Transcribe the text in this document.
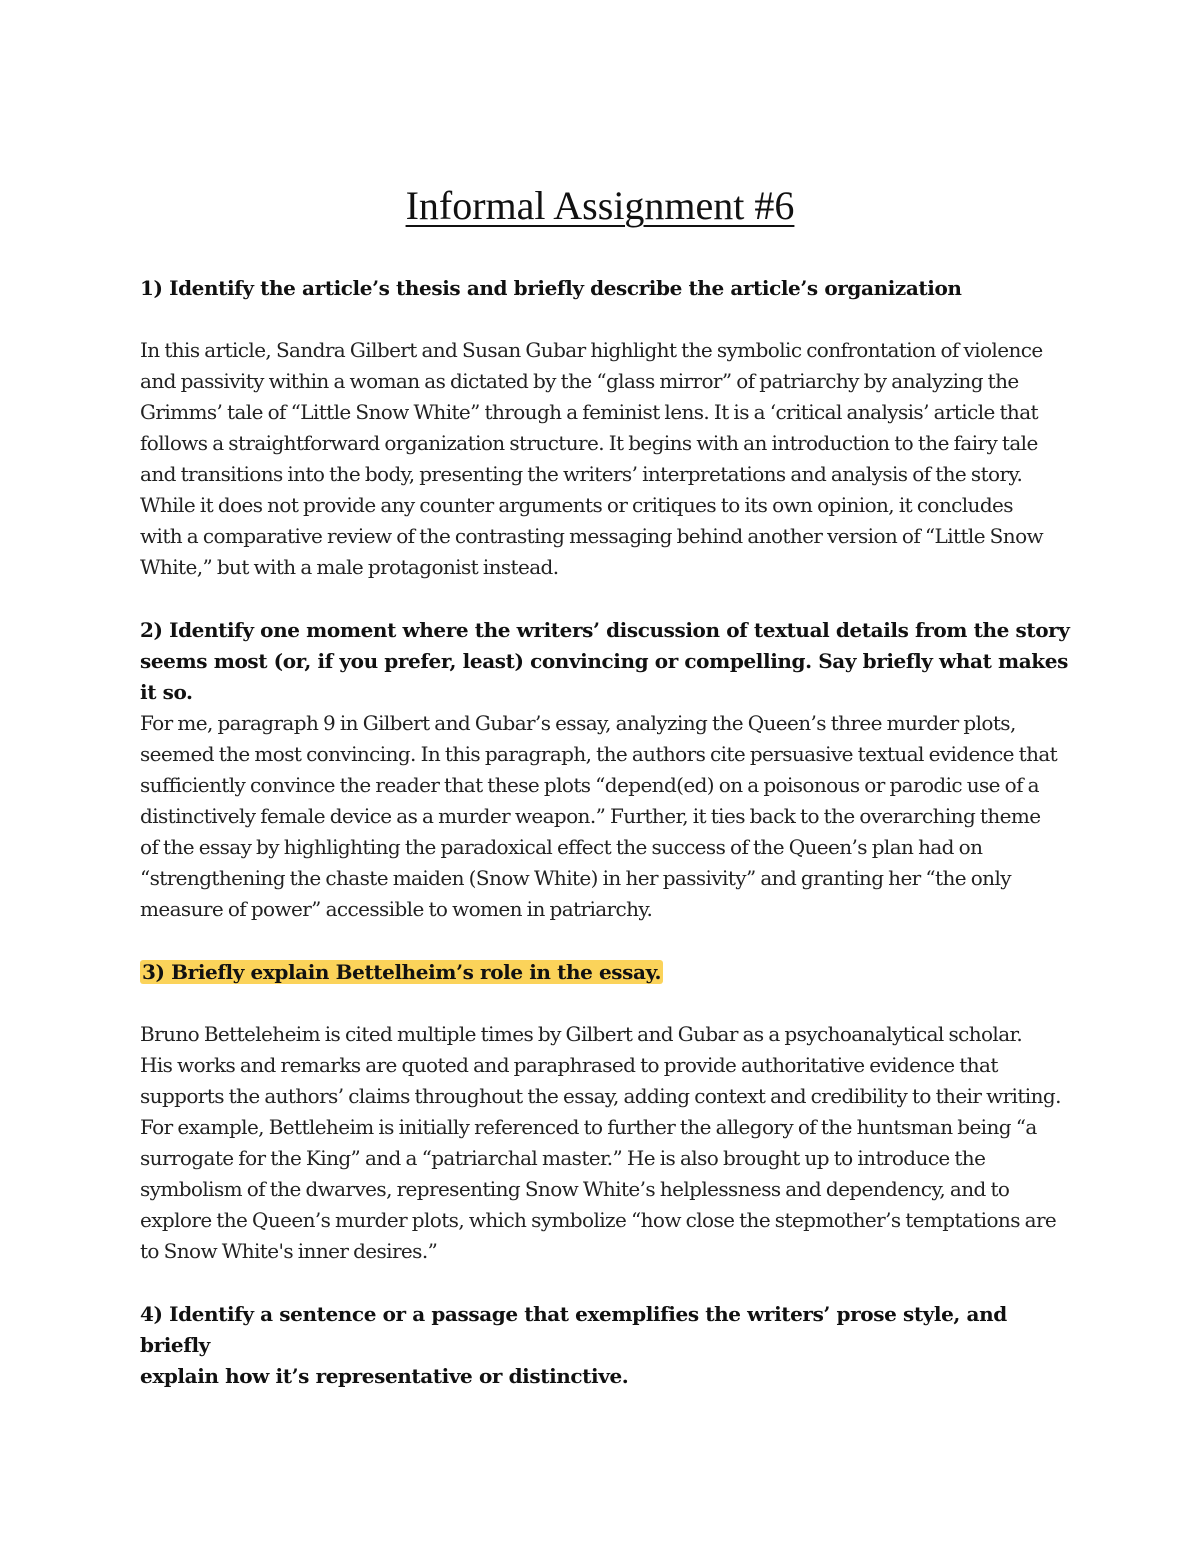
Informal Assignment #6

1) Identify the article’s thesis and briefly describe the article’s organization

In this article, Sandra Gilbert and Susan Gubar highlight the symbolic confrontation of violence
and passivity within a woman as dictated by the “glass mirror” of patriarchy by analyzing the
Grimms’ tale of “Little Snow White” through a feminist lens. It is a ‘critical analysis’ article that
follows a straightforward organization structure. It begins with an introduction to the fairy tale
and transitions into the body, presenting the writers’ interpretations and analysis of the story.
While it does not provide any counter arguments or critiques to its own opinion, it concludes
with a comparative review of the contrasting messaging behind another version of “Little Snow
White,” but with a male protagonist instead.

2) Identify one moment where the writers’ discussion of textual details from the story
seems most (or, if you prefer, least) convincing or compelling. Say briefly what makes it so.

For me, paragraph 9 in Gilbert and Gubar’s essay, analyzing the Queen’s three murder plots,
seemed the most convincing. In this paragraph, the authors cite persuasive textual evidence that
sufficiently convince the reader that these plots “depend(ed) on a poisonous or parodic use of a
distinctively female device as a murder weapon.” Further, it ties back to the overarching theme
of the essay by highlighting the paradoxical effect the success of the Queen’s plan had on
“strengthening the chaste maiden (Snow White) in her passivity” and granting her “the only
measure of power” accessible to women in patriarchy.

3) Briefly explain Bettelheim’s role in the essay.

Bruno Betteleheim is cited multiple times by Gilbert and Gubar as a psychoanalytical scholar.
His works and remarks are quoted and paraphrased to provide authoritative evidence that
supports the authors’ claims throughout the essay, adding context and credibility to their writing.
For example, Bettleheim is initially referenced to further the allegory of the huntsman being “a
surrogate for the King” and a “patriarchal master.” He is also brought up to introduce the
symbolism of the dwarves, representing Snow White’s helplessness and dependency, and to
explore the Queen’s murder plots, which symbolize “how close the stepmother’s temptations are
to Snow White's inner desires.”

4) Identify a sentence or a passage that exemplifies the writers’ prose style, and briefly
explain how it’s representative or distinctive.
